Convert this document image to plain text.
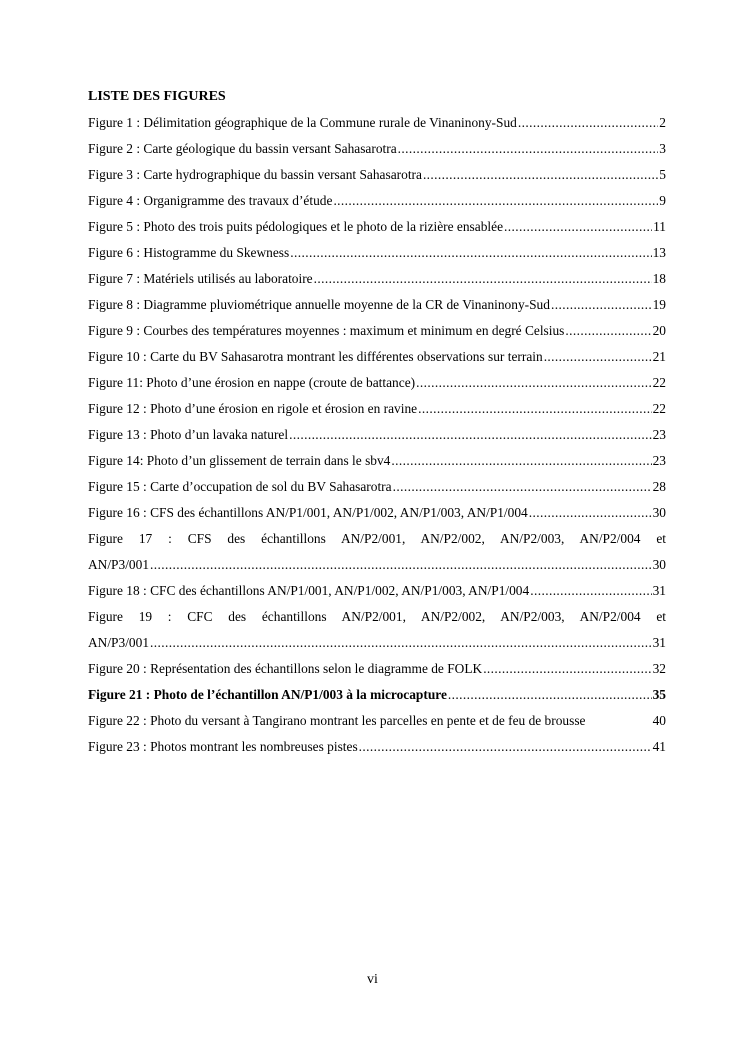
LISTE DES FIGURES

Figure 1 : Délimitation géographique de la Commune rurale de Vinaninony-Sud .....	2
Figure 2 : Carte géologique du bassin versant Sahasarotra .....	3
Figure 3 : Carte hydrographique du bassin versant Sahasarotra .....	5
Figure 4 : Organigramme des travaux d’étude .....	9
Figure 5 : Photo des trois puits pédologiques et le photo de la rizière ensablée .....	11
Figure 6 : Histogramme du Skewness .....	13
Figure 7 : Matériels utilisés au laboratoire .....	18
Figure 8 : Diagramme pluviométrique annuelle moyenne de la CR de Vinaninony-Sud .....	19
Figure 9 : Courbes des températures moyennes : maximum et minimum en degré Celsius .....	20
Figure 10 : Carte du BV Sahasarotra montrant les différentes observations sur terrain .....	21
Figure 11: Photo d’une érosion en nappe (croute de battance) .....	22
Figure 12 : Photo d’une érosion en rigole et érosion en ravine .....	22
Figure 13 : Photo d’un lavaka naturel .....	23
Figure 14: Photo d’un glissement de terrain dans le sbv4 .....	23
Figure 15 : Carte d’occupation de sol du BV Sahasarotra .....	28
Figure 16 : CFS des échantillons AN/P1/001, AN/P1/002, AN/P1/003, AN/P1/004 .....	30
Figure 17 : CFS des échantillons AN/P2/001, AN/P2/002, AN/P2/003, AN/P2/004 et
AN/P3/001 .....	30
Figure 18 : CFC des échantillons AN/P1/001, AN/P1/002, AN/P1/003, AN/P1/004 .....	31
Figure 19 : CFC des échantillons AN/P2/001, AN/P2/002, AN/P2/003, AN/P2/004 et
AN/P3/001 .....	31
Figure 20 : Représentation des échantillons selon le diagramme de FOLK .....	32
Figure 21 : Photo de l’échantillon AN/P1/003 à la microcapture .....	35
Figure 22 : Photo du versant à Tangirano montrant les parcelles en pente et de feu de brousse	40
Figure 23 : Photos montrant les nombreuses pistes .....	41
vi
